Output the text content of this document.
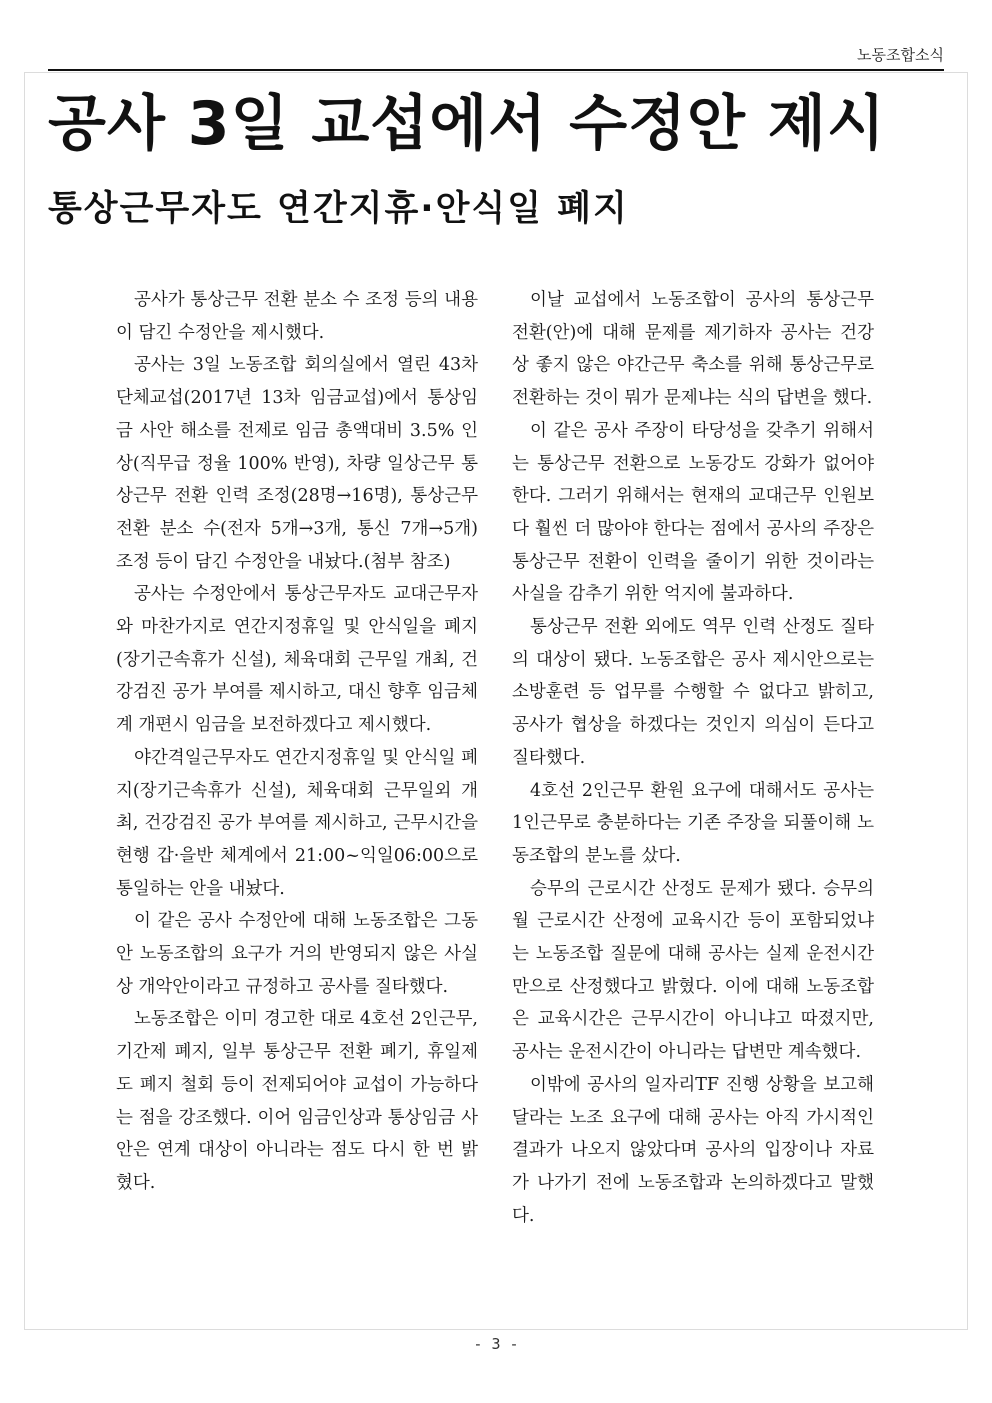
노동조합소식
공사 3일 교섭에서 수정안 제시
통상근무자도 연간지휴·안식일 폐지

공사가 통상근무 전환 분소 수 조정 등의 내용이 담긴 수정안을 제시했다.

공사는 3일 노동조합 회의실에서 열린 43차 단체교섭(2017년 13차 임금교섭)에서 통상임금 사안 해소를 전제로 임금 총액대비 3.5% 인상(직무급 정율 100% 반영), 차량 일상근무 통상근무 전환 인력 조정(28명→16명), 통상근무 전환 분소 수(전자 5개→3개, 통신 7개→5개) 조정 등이 담긴 수정안을 내놨다.(첨부 참조)

공사는 수정안에서 통상근무자도 교대근무자와 마찬가지로 연간지정휴일 및 안식일을 폐지(장기근속휴가 신설), 체육대회 근무일 개최, 건강검진 공가 부여를 제시하고, 대신 향후 임금체계 개편시 임금을 보전하겠다고 제시했다.

야간격일근무자도 연간지정휴일 및 안식일 폐지(장기근속휴가 신설), 체육대회 근무일외 개최, 건강검진 공가 부여를 제시하고, 근무시간을 현행 갑·을반 체계에서 21:00~익일06:00으로 통일하는 안을 내놨다.

이 같은 공사 수정안에 대해 노동조합은 그동안 노동조합의 요구가 거의 반영되지 않은 사실상 개악안이라고 규정하고 공사를 질타했다.

노동조합은 이미 경고한 대로 4호선 2인근무, 기간제 폐지, 일부 통상근무 전환 폐기, 휴일제도 폐지 철회 등이 전제되어야 교섭이 가능하다는 점을 강조했다. 이어 임금인상과 통상임금 사안은 연계 대상이 아니라는 점도 다시 한 번 밝혔다.

이날 교섭에서 노동조합이 공사의 통상근무 전환(안)에 대해 문제를 제기하자 공사는 건강상 좋지 않은 야간근무 축소를 위해 통상근무로 전환하는 것이 뭐가 문제냐는 식의 답변을 했다.

이 같은 공사 주장이 타당성을 갖추기 위해서는 통상근무 전환으로 노동강도 강화가 없어야 한다. 그러기 위해서는 현재의 교대근무 인원보다 훨씬 더 많아야 한다는 점에서 공사의 주장은 통상근무 전환이 인력을 줄이기 위한 것이라는 사실을 감추기 위한 억지에 불과하다.

통상근무 전환 외에도 역무 인력 산정도 질타의 대상이 됐다. 노동조합은 공사 제시안으로는 소방훈련 등 업무를 수행할 수 없다고 밝히고, 공사가 협상을 하겠다는 것인지 의심이 든다고 질타했다.

4호선 2인근무 환원 요구에 대해서도 공사는 1인근무로 충분하다는 기존 주장을 되풀이해 노동조합의 분노를 샀다.

승무의 근로시간 산정도 문제가 됐다. 승무의 월 근로시간 산정에 교육시간 등이 포함되었냐는 노동조합 질문에 대해 공사는 실제 운전시간만으로 산정했다고 밝혔다. 이에 대해 노동조합은 교육시간은 근무시간이 아니냐고 따졌지만, 공사는 운전시간이 아니라는 답변만 계속했다.

이밖에 공사의 일자리TF 진행 상황을 보고해 달라는 노조 요구에 대해 공사는 아직 가시적인 결과가 나오지 않았다며 공사의 입장이나 자료가 나가기 전에 노동조합과 논의하겠다고 말했다.

- 3 -
